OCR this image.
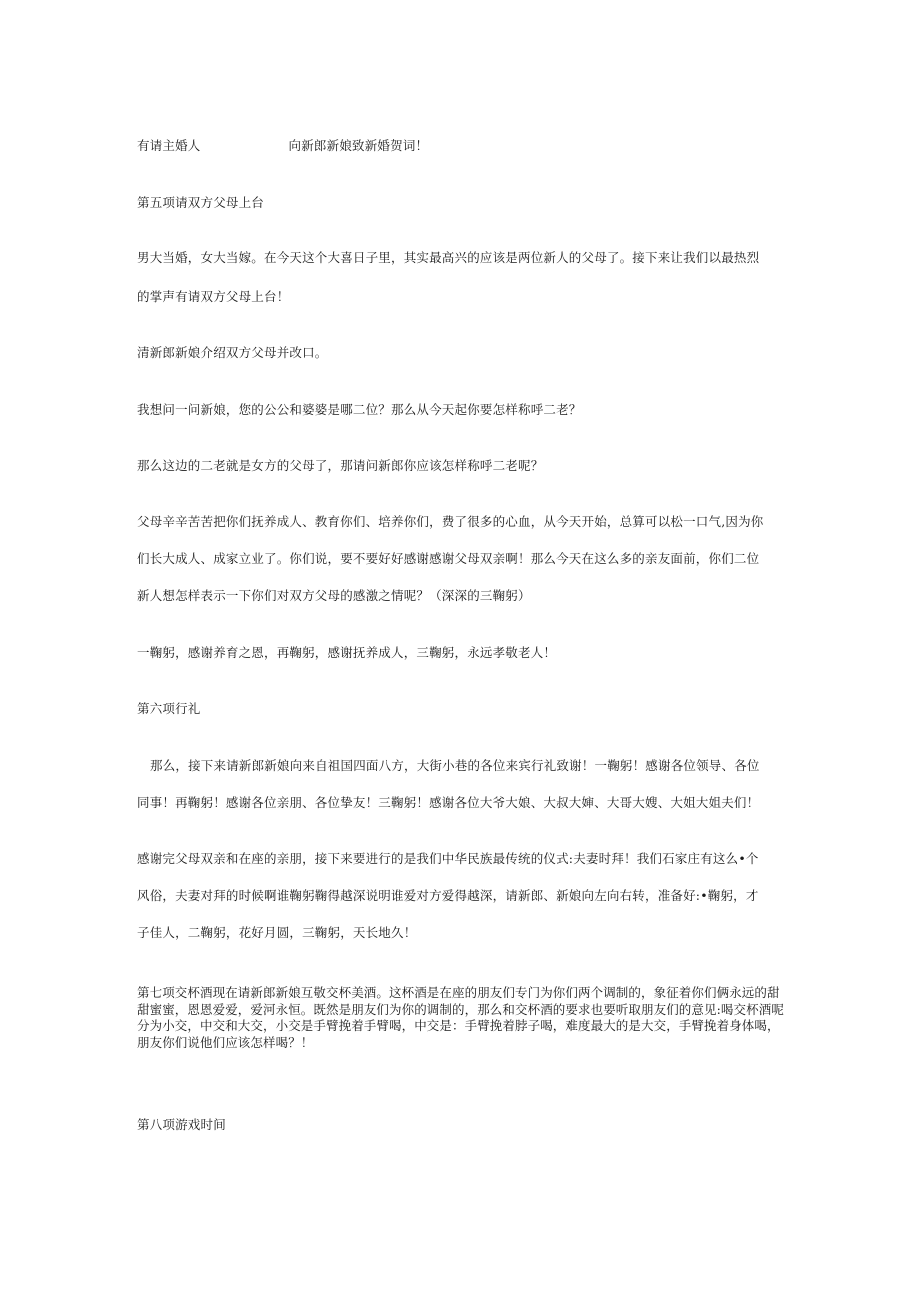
有请主婚人	向新郎新娘致新婚贺词！
第五项请双方父母上台
男大当婚，女大当嫁。在今天这个大喜日子里，其实最高兴的应该是两位新人的父母了。接下来让我们以最热烈
的掌声有请双方父母上台！
清新郎新娘介绍双方父母并改口。
我想问一问新娘，您的公公和婆婆是哪二位？那么从今天起你要怎样称呼二老？
那么这边的二老就是女方的父母了，那请问新郎你应该怎样称呼二老呢？
父母辛辛苦苦把你们抚养成人、教育你们、培养你们，费了很多的心血，从今天开始，总算可以松一口气,因为你
们长大成人、成家立业了。你们说，要不要好好感谢感谢父母双亲啊！那么今天在这么多的亲友面前，你们二位
新人想怎样表示一下你们对双方父母的感激之情呢？（深深的三鞠躬）
一鞠躬，感谢养育之恩，再鞠躬，感谢抚养成人，三鞠躬，永远孝敬老人！
第六项行礼
那么，接下来请新郎新娘向来自祖国四面八方，大街小巷的各位来宾行礼致谢！一鞠躬！感谢各位领导、各位
同事！再鞠躬！感谢各位亲朋、各位挚友！三鞠躬！感谢各位大爷大娘、大叔大婶、大哥大嫂、大姐大姐夫们！
感谢完父母双亲和在座的亲朋，接下来要进行的是我们中华民族最传统的仪式:夫妻时拜！我们石家庄有这么•个
风俗，夫妻对拜的时候啊谁鞠躬鞠得越深说明谁爱对方爱得越深，请新郎、新娘向左向右转，准备好:•鞠躬，才
子佳人，二鞠躬，花好月圆，三鞠躬，天长地久！
第七项交杯酒现在请新郎新娘互敬交杯美酒。这杯酒是在座的朋友们专门为你们两个调制的，象征着你们俩永远的甜甜蜜蜜，恩恩爱爱，爱河永恒。既然是朋友们为你的调制的，那么和交杯酒的要求也要听取朋友们的意见:喝交杯酒呢分为小交，中交和大交，小交是手臂挽着手臂喝，中交是：手臂挽着脖子喝，难度最大的是大交，手臂挽着身体喝，朋友你们说他们应该怎样喝？！
第八项游戏时间
